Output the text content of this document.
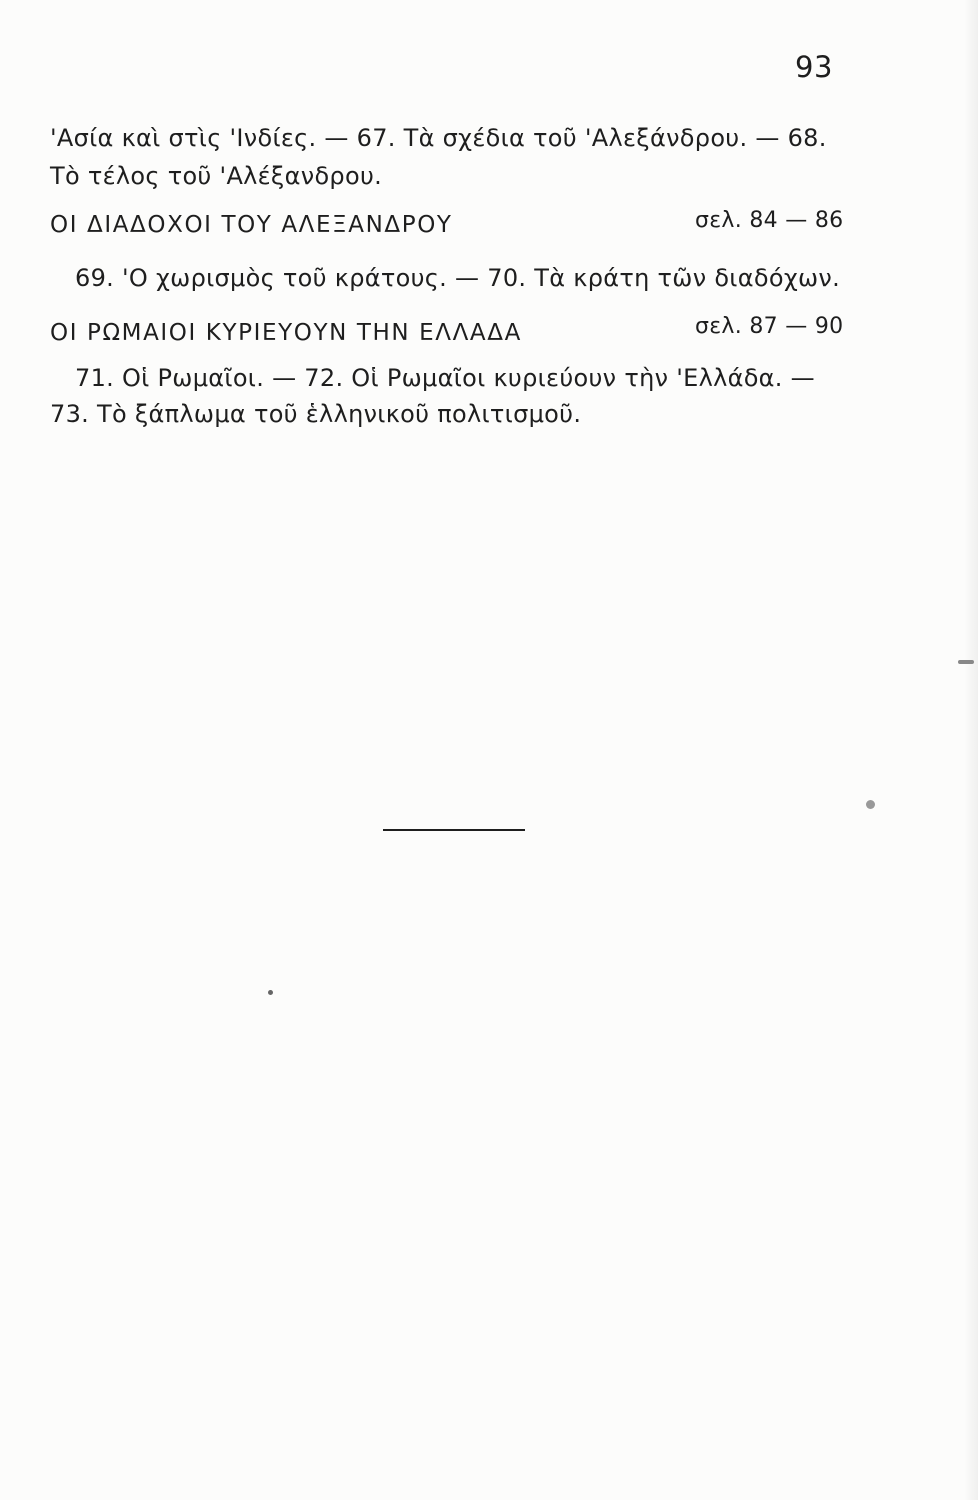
93
'Ασία καὶ στὶς 'Ινδίες. — 67. Τὰ σχέδια τοῦ 'Αλεξάνδρου. — 68.
Τὸ τέλος τοῦ 'Αλέξανδρου.
ΟΙ ΔΙΑΔΟΧΟΙ ΤΟΥ ΑΛΕΞΑΝΔΡΟΥ	σελ. 84 — 86
69. 'Ο χωρισμὸς τοῦ κράτους. — 70. Τὰ κράτη τῶν διαδόχων.
ΟΙ ΡΩΜΑΙΟΙ ΚΥΡΙΕΥΟΥΝ ΤΗΝ ΕΛΛΑΔΑ	σελ. 87 — 90
71. Οἱ Ρωμαῖοι. — 72. Οἱ Ρωμαῖοι κυριεύουν τὴν 'Ελλάδα. —
73. Τὸ ξάπλωμα τοῦ ἑλληνικοῦ πολιτισμοῦ.
